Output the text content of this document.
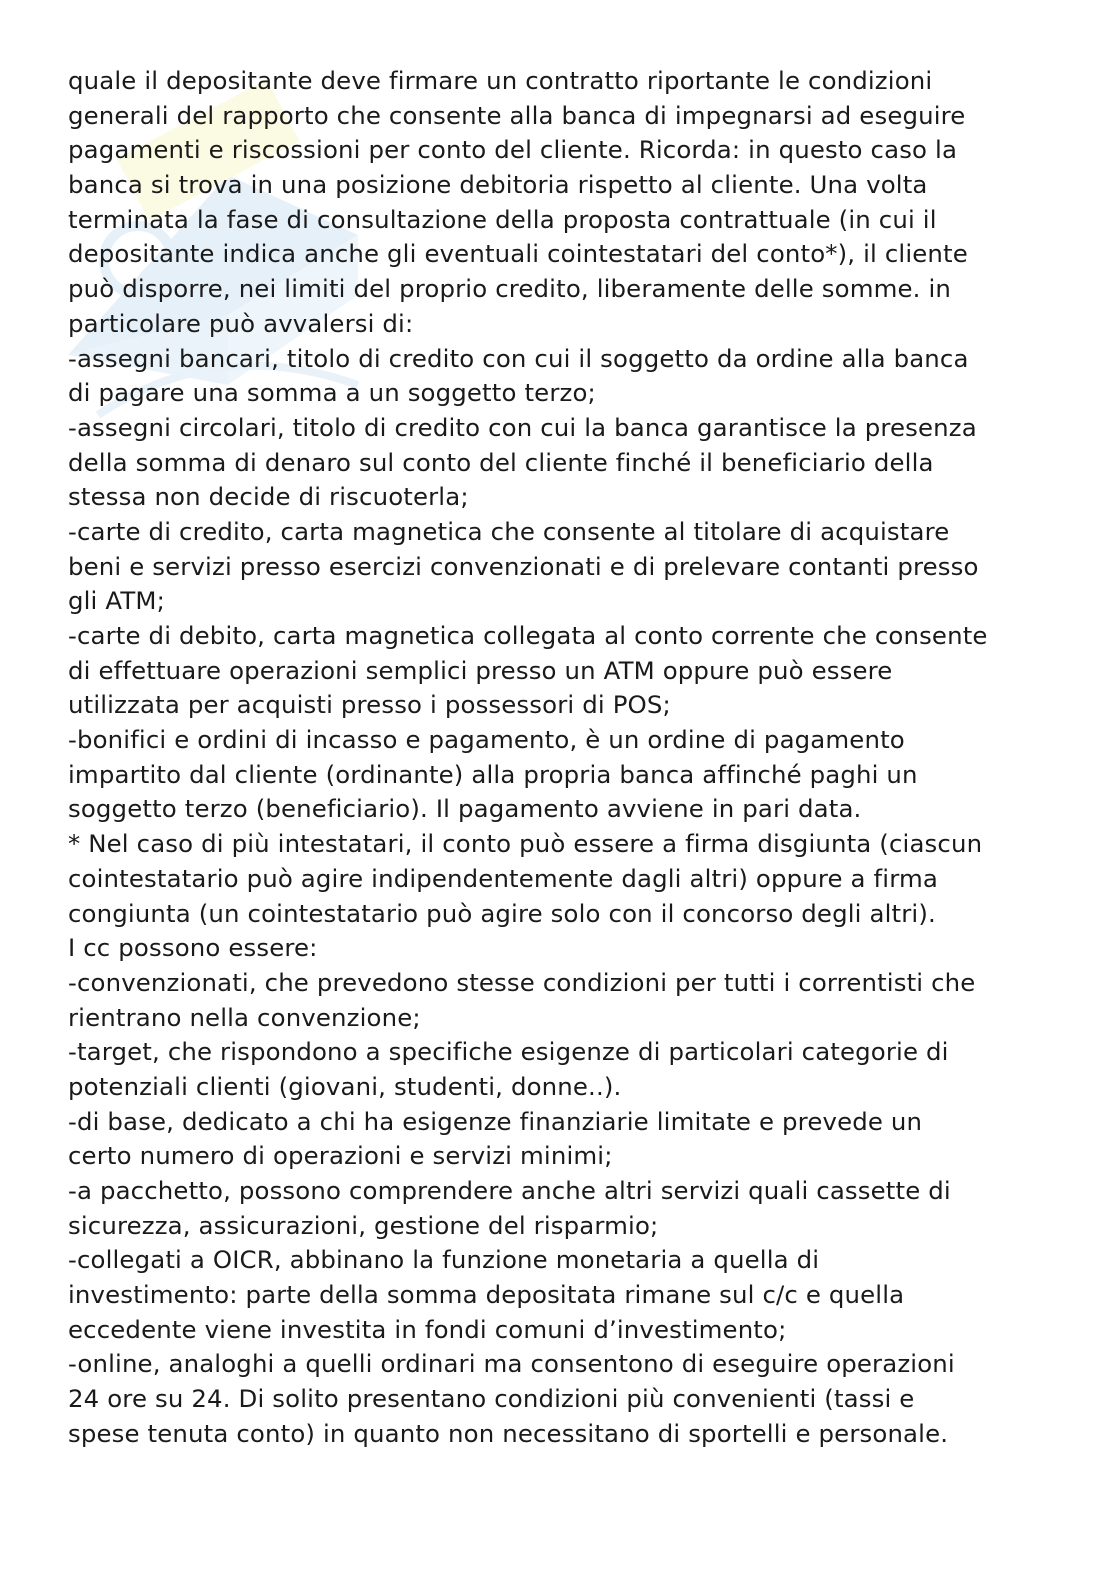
quale il depositante deve firmare un contratto riportante le condizioni
generali del rapporto che consente alla banca di impegnarsi ad eseguire
pagamenti e riscossioni per conto del cliente. Ricorda: in questo caso la
banca si trova in una posizione debitoria rispetto al cliente. Una volta
terminata la fase di consultazione della proposta contrattuale (in cui il
depositante indica anche gli eventuali cointestatari del conto*), il cliente
può disporre, nei limiti del proprio credito, liberamente delle somme. in
particolare può avvalersi di:
-assegni bancari, titolo di credito con cui il soggetto da ordine alla banca
di pagare una somma a un soggetto terzo;
-assegni circolari, titolo di credito con cui la banca garantisce la presenza
della somma di denaro sul conto del cliente finché il beneficiario della
stessa non decide di riscuoterla;
-carte di credito, carta magnetica che consente al titolare di acquistare
beni e servizi presso esercizi convenzionati e di prelevare contanti presso
gli ATM;
-carte di debito, carta magnetica collegata al conto corrente che consente
di effettuare operazioni semplici presso un ATM oppure può essere
utilizzata per acquisti presso i possessori di POS;
-bonifici e ordini di incasso e pagamento, è un ordine di pagamento
impartito dal cliente (ordinante) alla propria banca affinché paghi un
soggetto terzo (beneficiario). Il pagamento avviene in pari data.
* Nel caso di più intestatari, il conto può essere a firma disgiunta (ciascun
cointestatario può agire indipendentemente dagli altri) oppure a firma
congiunta (un cointestatario può agire solo con il concorso degli altri).
I cc possono essere:
-convenzionati, che prevedono stesse condizioni per tutti i correntisti che
rientrano nella convenzione;
-target, che rispondono a specifiche esigenze di particolari categorie di
potenziali clienti (giovani, studenti, donne..).
-di base, dedicato a chi ha esigenze finanziarie limitate e prevede un
certo numero di operazioni e servizi minimi;
-a pacchetto, possono comprendere anche altri servizi quali cassette di
sicurezza, assicurazioni, gestione del risparmio;
-collegati a OICR, abbinano la funzione monetaria a quella di
investimento: parte della somma depositata rimane sul c/c e quella
eccedente viene investita in fondi comuni d’investimento;
-online, analoghi a quelli ordinari ma consentono di eseguire operazioni
24 ore su 24. Di solito presentano condizioni più convenienti (tassi e
spese tenuta conto) in quanto non necessitano di sportelli e personale.
